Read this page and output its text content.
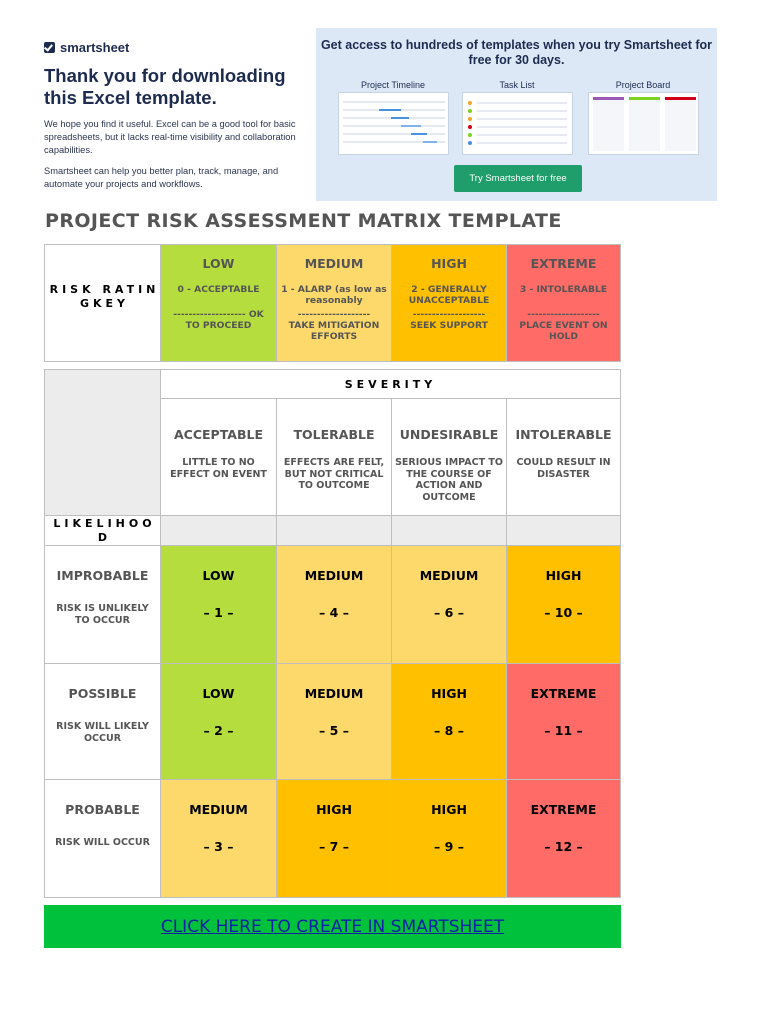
smartsheet
Thank you for downloading this Excel template.
We hope you find it useful. Excel can be a good tool for basic spreadsheets, but it lacks real-time visibility and collaboration capabilities.
Smartsheet can help you better plan, track, manage, and automate your projects and workflows.
Get access to hundreds of templates when you try Smartsheet for free for 30 days.
Project Timeline	Task List	Project Board
Try Smartsheet for free
PROJECT RISK ASSESSMENT MATRIX TEMPLATE
RISK RATIN GKEY
LOW
0 - ACCEPTABLE
------------------- OK
TO PROCEED
MEDIUM
1 - ALARP (as low as reasonably
-------------------
TAKE MITIGATION EFFORTS
HIGH
2 - GENERALLY UNACCEPTABLE
-------------------
SEEK SUPPORT
EXTREME
3 - INTOLERABLE
-------------------
PLACE EVENT ON HOLD
SEVERITY
ACCEPTABLE
LITTLE TO NO EFFECT ON EVENT
TOLERABLE
EFFECTS ARE FELT, BUT NOT CRITICAL TO OUTCOME
UNDESIRABLE
SERIOUS IMPACT TO THE COURSE OF ACTION AND OUTCOME
INTOLERABLE
COULD RESULT IN DISASTER
LIKELIHOO D
IMPROBABLE
RISK IS UNLIKELY TO OCCUR
LOW
– 1 –
MEDIUM
– 4 –
MEDIUM
– 6 –
HIGH
– 10 –
POSSIBLE
RISK WILL LIKELY OCCUR
LOW
– 2 –
MEDIUM
– 5 –
HIGH
– 8 –
EXTREME
– 11 –
PROBABLE
RISK WILL OCCUR
MEDIUM
– 3 –
HIGH
– 7 –
HIGH
– 9 –
EXTREME
– 12 –
CLICK HERE TO CREATE IN SMARTSHEET
